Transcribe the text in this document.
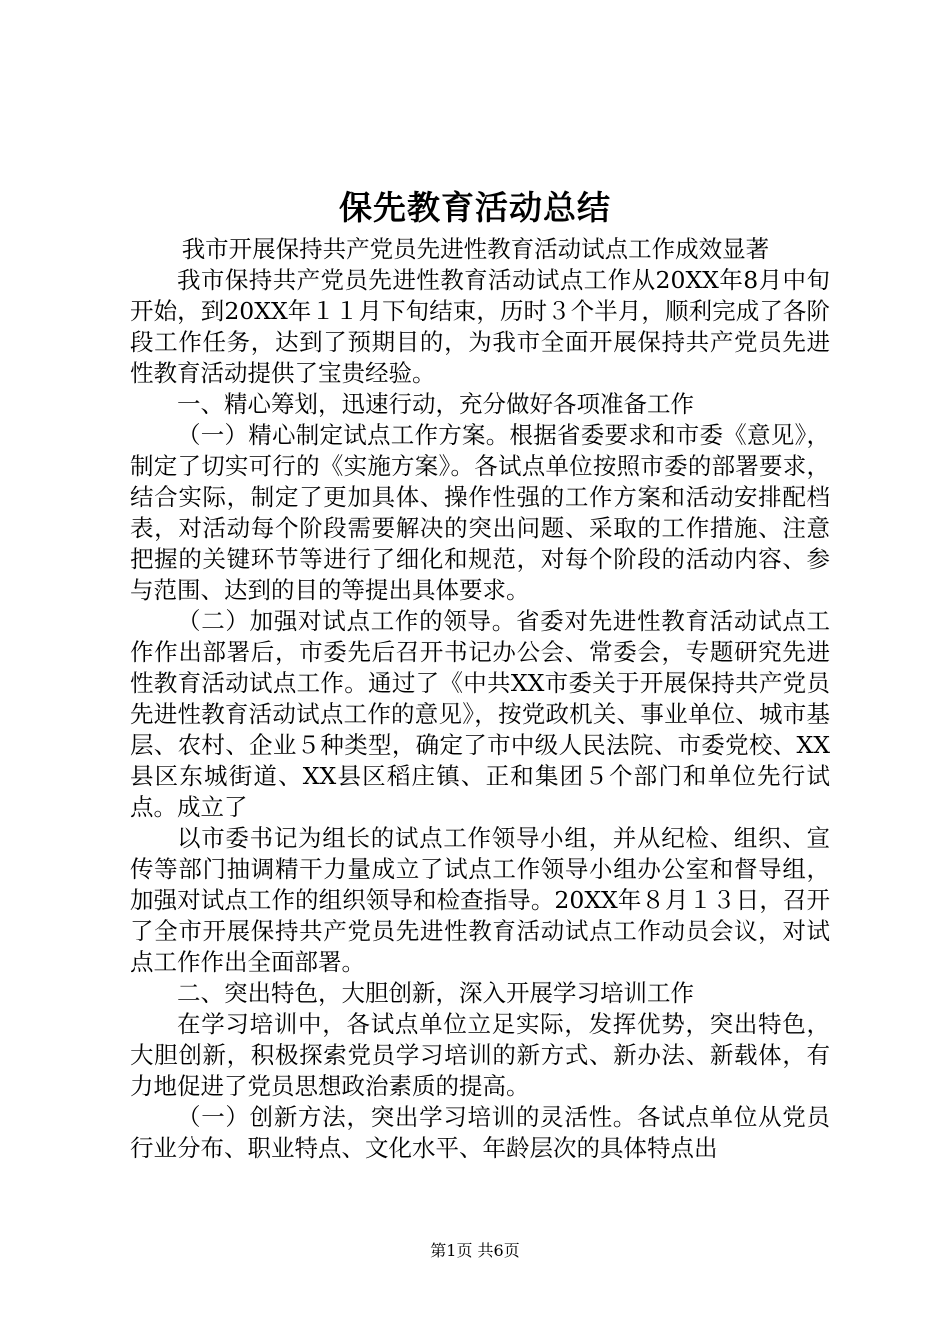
保先教育活动总结

我市开展保持共产党员先进性教育活动试点工作成效显著

我市保持共产党员先进性教育活动试点工作从20XX年8月中旬开始，到20XX年１１月下旬结束，历时３个半月，顺利完成了各阶段工作任务，达到了预期目的，为我市全面开展保持共产党员先进性教育活动提供了宝贵经验。

一、精心筹划，迅速行动，充分做好各项准备工作

（一）精心制定试点工作方案。根据省委要求和市委《意见》，制定了切实可行的《实施方案》。各试点单位按照市委的部署要求，结合实际，制定了更加具体、操作性强的工作方案和活动安排配档表，对活动每个阶段需要解决的突出问题、采取的工作措施、注意把握的关键环节等进行了细化和规范，对每个阶段的活动内容、参与范围、达到的目的等提出具体要求。

（二）加强对试点工作的领导。省委对先进性教育活动试点工作作出部署后，市委先后召开书记办公会、常委会，专题研究先进性教育活动试点工作。通过了《中共XX市委关于开展保持共产党员先进性教育活动试点工作的意见》，按党政机关、事业单位、城市基层、农村、企业５种类型，确定了市中级人民法院、市委党校、XX县区东城街道、XX县区稻庄镇、正和集团５个部门和单位先行试点。成立了

以市委书记为组长的试点工作领导小组，并从纪检、组织、宣传等部门抽调精干力量成立了试点工作领导小组办公室和督导组，加强对试点工作的组织领导和检查指导。20XX年８月１３日，召开了全市开展保持共产党员先进性教育活动试点工作动员会议，对试点工作作出全面部署。

二、突出特色，大胆创新，深入开展学习培训工作

在学习培训中，各试点单位立足实际，发挥优势，突出特色，大胆创新，积极探索党员学习培训的新方式、新办法、新载体，有力地促进了党员思想政治素质的提高。

（一）创新方法，突出学习培训的灵活性。各试点单位从党员行业分布、职业特点、文化水平、年龄层次的具体特点出

第1页 共6页
